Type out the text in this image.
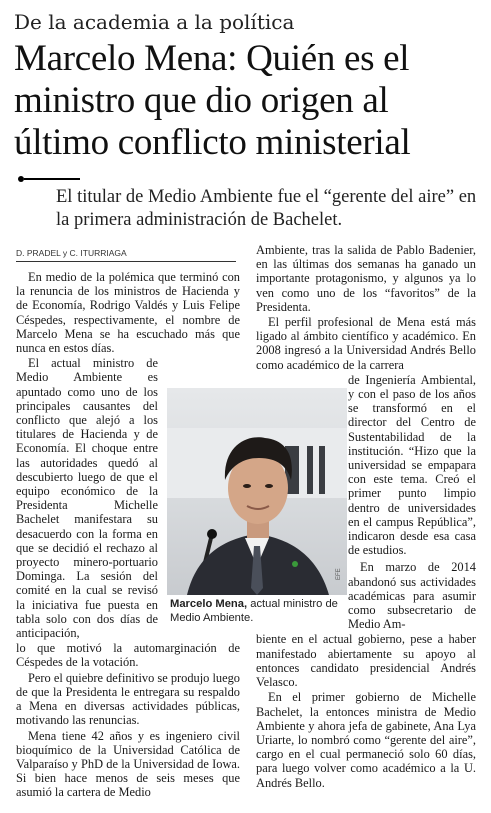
De la academia a la política
Marcelo Mena: Quién es el ministro que dio origen al último conflicto ministerial
El titular de Medio Ambiente fue el “gerente del aire” en la primera administración de Bachelet.
D. PRADEL y C. ITURRIAGA

En medio de la polémica que terminó con la renuncia de los ministros de Hacienda y de Economía, Rodrigo Valdés y Luis Felipe Céspedes, respectivamente, el nombre de Marcelo Mena se ha escuchado más que nunca en estos días.

El actual ministro de Medio Ambiente es apuntado como uno de los principales causantes del conflicto que alejó a los titulares de Hacienda y de Economía. El choque entre las autoridades quedó al descubierto luego de que el equipo económico de la Presidenta Michelle Bachelet manifestara su desacuerdo con la forma en que se decidió el rechazo al proyecto minero-portuario Dominga. La sesión del comité en la cual se revisó la iniciativa fue puesta en tabla solo con dos días de anticipación,

lo que motivó la automarginación de Céspedes de la votación.

Pero el quiebre definitivo se produjo luego de que la Presidenta le entregara su respaldo a Mena en diversas actividades públicas, motivando las renuncias.

Mena tiene 42 años y es ingeniero civil bioquímico de la Universidad Católica de Valparaíso y PhD de la Universidad de Iowa. Si bien hace menos de seis meses que asumió la cartera de Medio

Ambiente, tras la salida de Pablo Badenier, en las últimas dos semanas ha ganado un importante protagonismo, y algunos ya lo ven como uno de los “favoritos” de la Presidenta.

El perfil profesional de Mena está más ligado al ámbito científico y académico. En 2008 ingresó a la Universidad Andrés Bello como académico de la carrera

de Ingeniería Ambiental, y con el paso de los años se transformó en el director del Centro de Sustentabilidad de la institución. “Hizo que la universidad se empapara con este tema. Creó el primer punto limpio dentro de universidades en el campus República”, indicaron desde esa casa de estudios.

En marzo de 2014 abandonó sus actividades académicas para asumir como subsecretario de Medio Am-

biente en el actual gobierno, pese a haber manifestado abiertamente su apoyo al entonces candidato presidencial Andrés Velasco.

En el primer gobierno de Michelle Bachelet, la entonces ministra de Medio Ambiente y ahora jefa de gabinete, Ana Lya Uriarte, lo nombró como “gerente del aire”, cargo en el cual permaneció solo 60 días, para luego volver como académico a la U. Andrés Bello.

EFE
Marcelo Mena, actual ministro de Medio Ambiente.
